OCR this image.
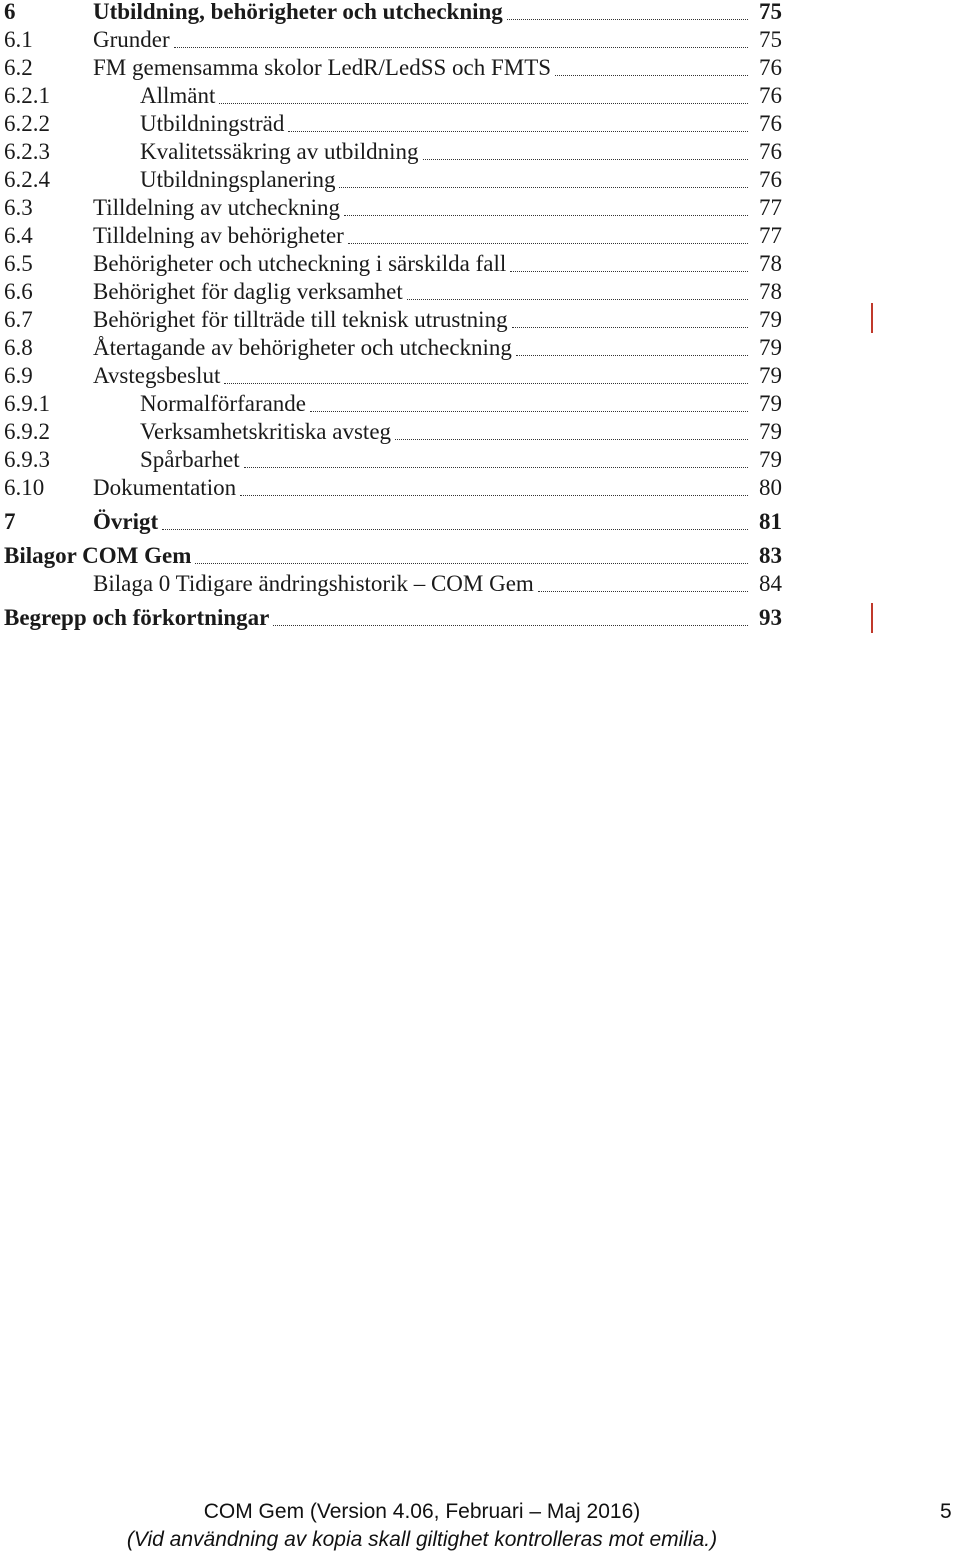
6	Utbildning, behörigheter och utcheckning	75
6.1	Grunder	75
6.2	FM gemensamma skolor LedR/LedSS och FMTS	76
6.2.1	Allmänt	76
6.2.2	Utbildningsträd	76
6.2.3	Kvalitetssäkring av utbildning	76
6.2.4	Utbildningsplanering	76
6.3	Tilldelning av utcheckning	77
6.4	Tilldelning av behörigheter	77
6.5	Behörigheter och utcheckning i särskilda fall	78
6.6	Behörighet för daglig verksamhet	78
6.7	Behörighet för tillträde till teknisk utrustning	79
6.8	Återtagande av behörigheter och utcheckning	79
6.9	Avstegsbeslut	79
6.9.1	Normalförfarande	79
6.9.2	Verksamhetskritiska avsteg	79
6.9.3	Spårbarhet	79
6.10 Dokumentation	80
7	Övrigt	81
Bilagor COM Gem	83
Bilaga 0 Tidigare ändringshistorik – COM Gem	84
Begrepp och förkortningar	93
COM Gem (Version 4.06, Februari – Maj 2016)
(Vid användning av kopia skall giltighet kontrolleras mot emilia.)
5
